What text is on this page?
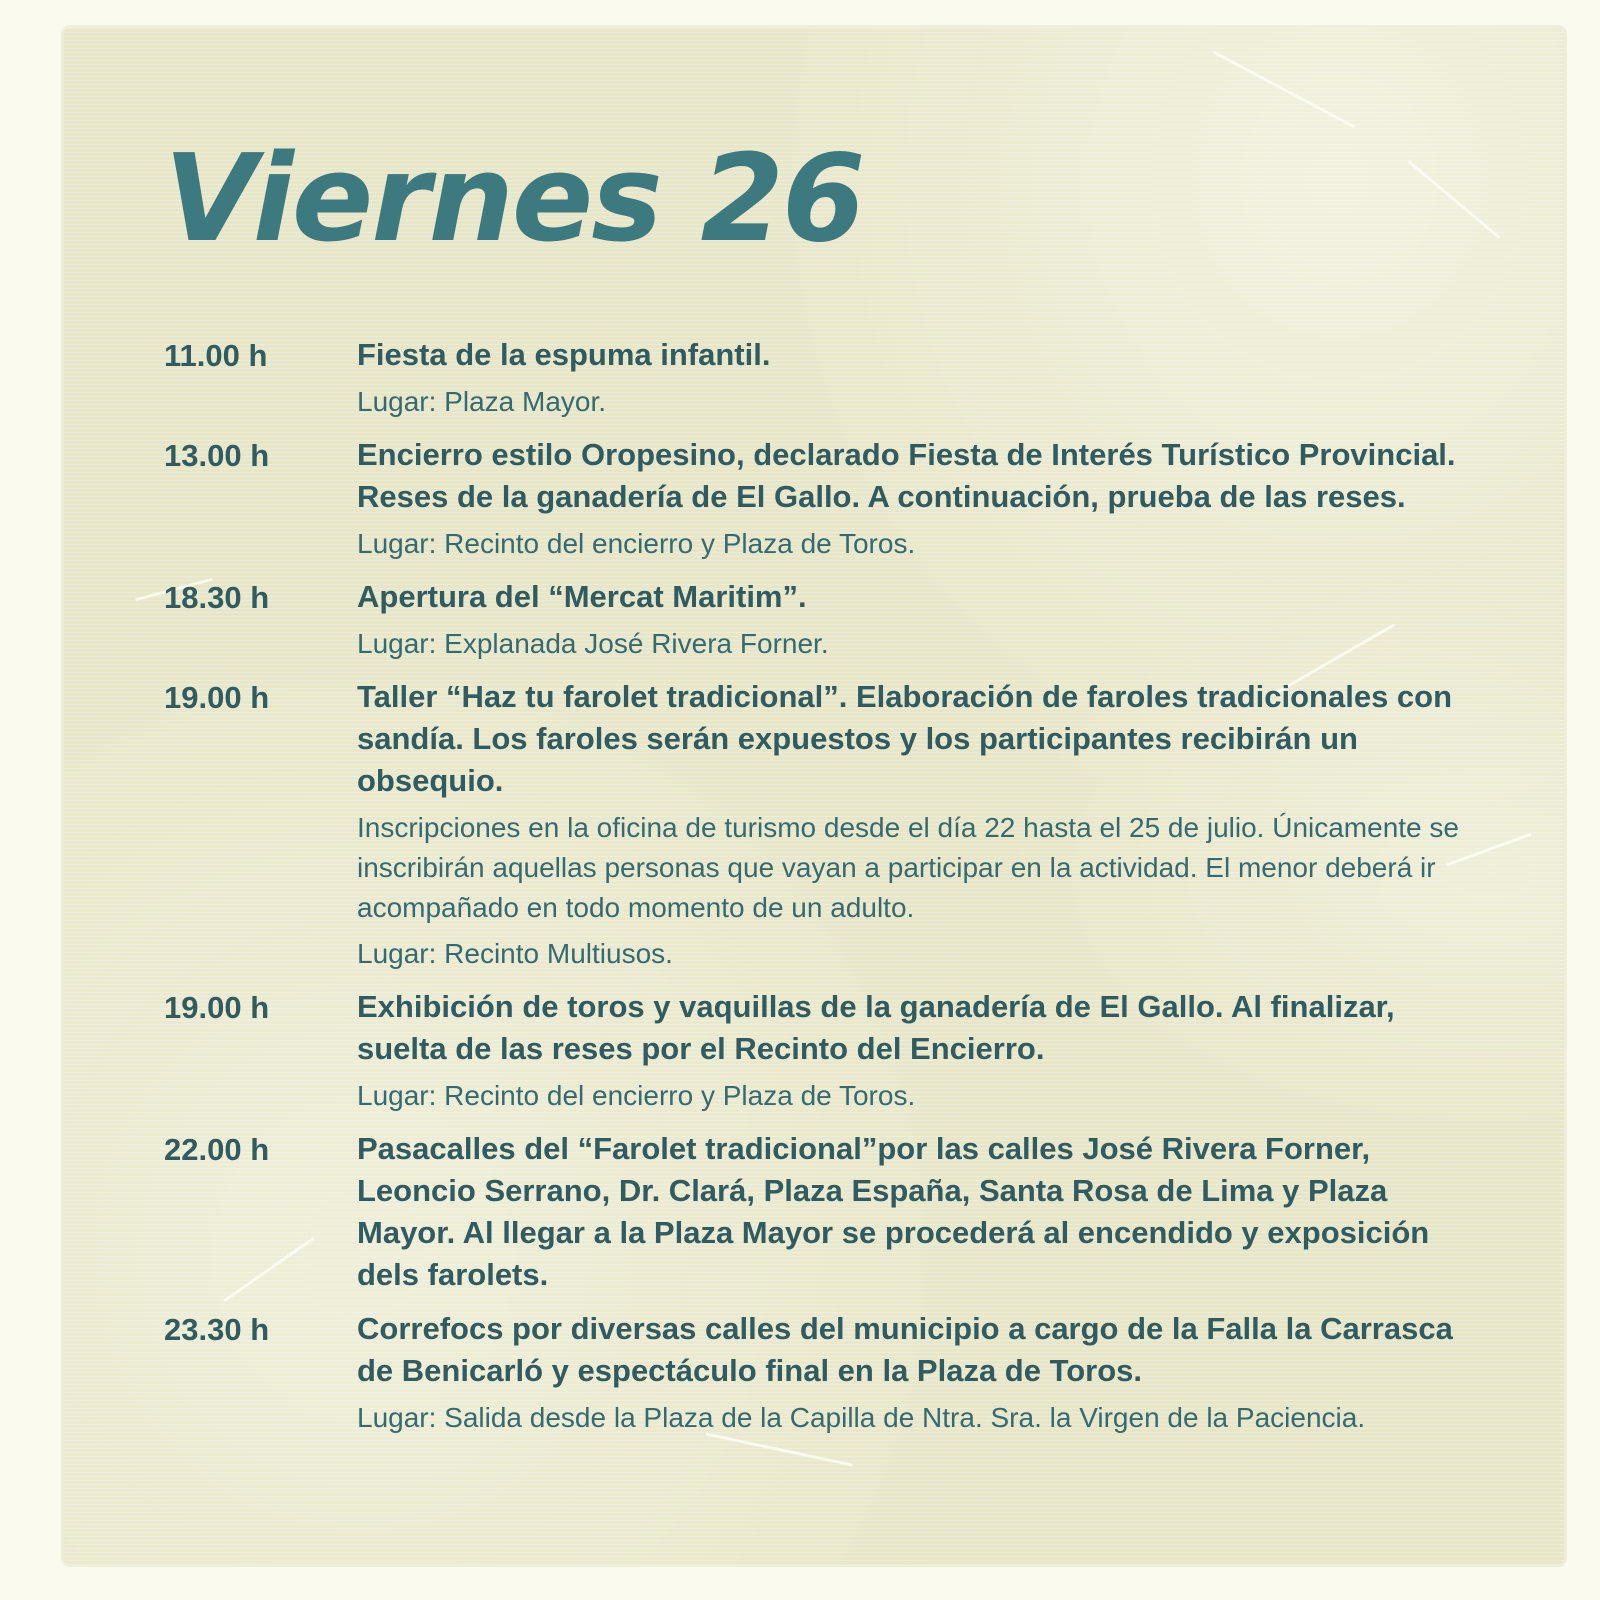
Viernes 26
11.00 h	Fiesta de la espuma infantil.
Lugar: Plaza Mayor.
13.00 h	Encierro estilo Oropesino, declarado Fiesta de Interés Turístico Provincial. Reses de la ganadería de El Gallo. A continuación, prueba de las reses.
Lugar: Recinto del encierro y Plaza de Toros.
18.30 h	Apertura del “Mercat Maritim”.
Lugar: Explanada José Rivera Forner.
19.00 h	Taller “Haz tu farolet tradicional”. Elaboración de faroles tradicionales con sandía. Los faroles serán expuestos y los participantes recibirán un obsequio.
Inscripciones en la oficina de turismo desde el día 22 hasta el 25 de julio. Únicamente se inscribirán aquellas personas que vayan a participar en la actividad. El menor deberá ir acompañado en todo momento de un adulto.
Lugar: Recinto Multiusos.
19.00 h	Exhibición de toros y vaquillas de la ganadería de El Gallo. Al finalizar, suelta de las reses por el Recinto del Encierro.
Lugar: Recinto del encierro y Plaza de Toros.
22.00 h	Pasacalles del “Farolet tradicional”por las calles José Rivera Forner, Leoncio Serrano, Dr. Clará, Plaza España, Santa Rosa de Lima y Plaza Mayor. Al llegar a la Plaza Mayor se procederá al encendido y exposición dels farolets.
23.30 h	Correfocs por diversas calles del municipio a cargo de la Falla la Carrasca de Benicarló y espectáculo final en la Plaza de Toros.
Lugar: Salida desde la Plaza de la Capilla de Ntra. Sra. la Virgen de la Paciencia.
